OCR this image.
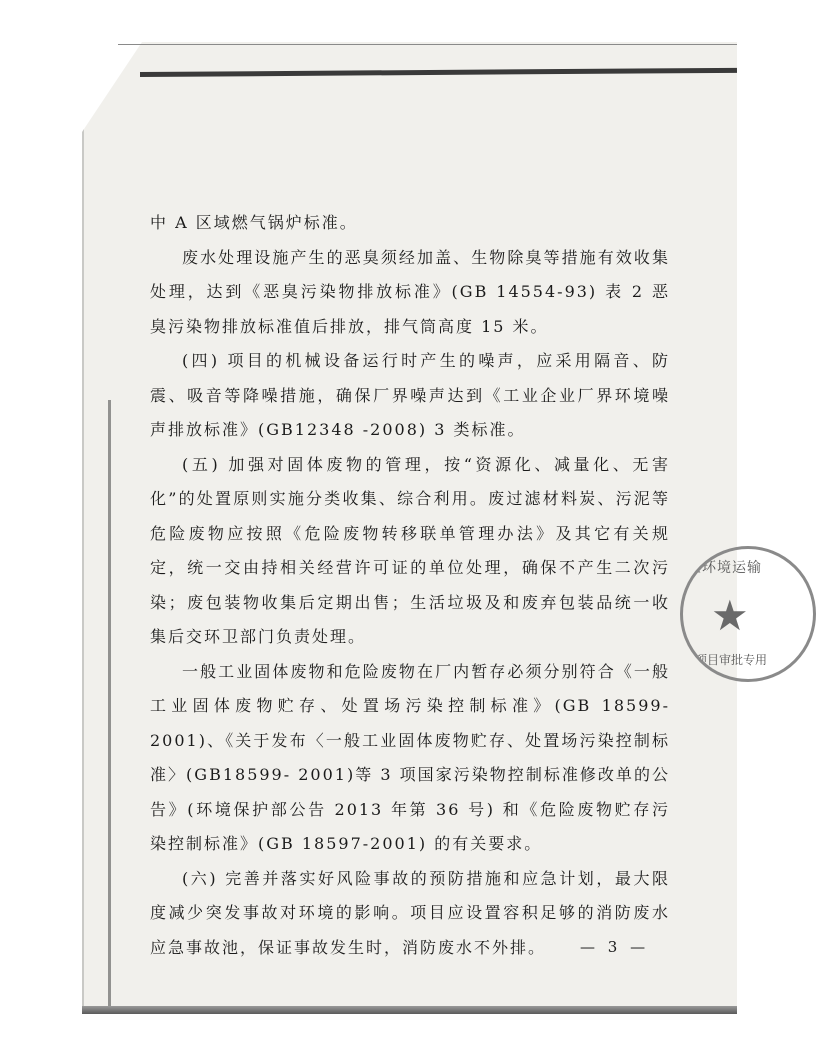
中 A 区域燃气锅炉标准。

废水处理设施产生的恶臭须经加盖、生物除臭等措施有效收集处理，达到《恶臭污染物排放标准》(GB 14554-93) 表 2 恶臭污染物排放标准值后排放，排气筒高度 15 米。

(四) 项目的机械设备运行时产生的噪声，应采用隔音、防震、吸音等降噪措施，确保厂界噪声达到《工业企业厂界环境噪声排放标准》(GB12348 -2008) 3 类标准。

(五) 加强对固体废物的管理，按“资源化、减量化、无害化”的处置原则实施分类收集、综合利用。废过滤材料炭、污泥等危险废物应按照《危险废物转移联单管理办法》及其它有关规定，统一交由持相关经营许可证的单位处理，确保不产生二次污染；废包装物收集后定期出售；生活垃圾及和废弃包装品统一收集后交环卫部门负责处理。

一般工业固体废物和危险废物在厂内暂存必须分别符合《一般工业固体废物贮存、处置场污染控制标准》(GB 18599-2001)、《关于发布〈一般工业固体废物贮存、处置场污染控制标准〉(GB18599- 2001)等 3 项国家污染物控制标准修改单的公告》(环境保护部公告 2013 年第 36 号) 和《危险废物贮存污染控制标准》(GB 18597-2001) 的有关要求。

(六) 完善并落实好风险事故的预防措施和应急计划，最大限度减少突发事故对环境的影响。项目应设置容积足够的消防废水应急事故池，保证事故发生时，消防废水不外排。	— 3 —
区环境运输
★
设项目审批专用
